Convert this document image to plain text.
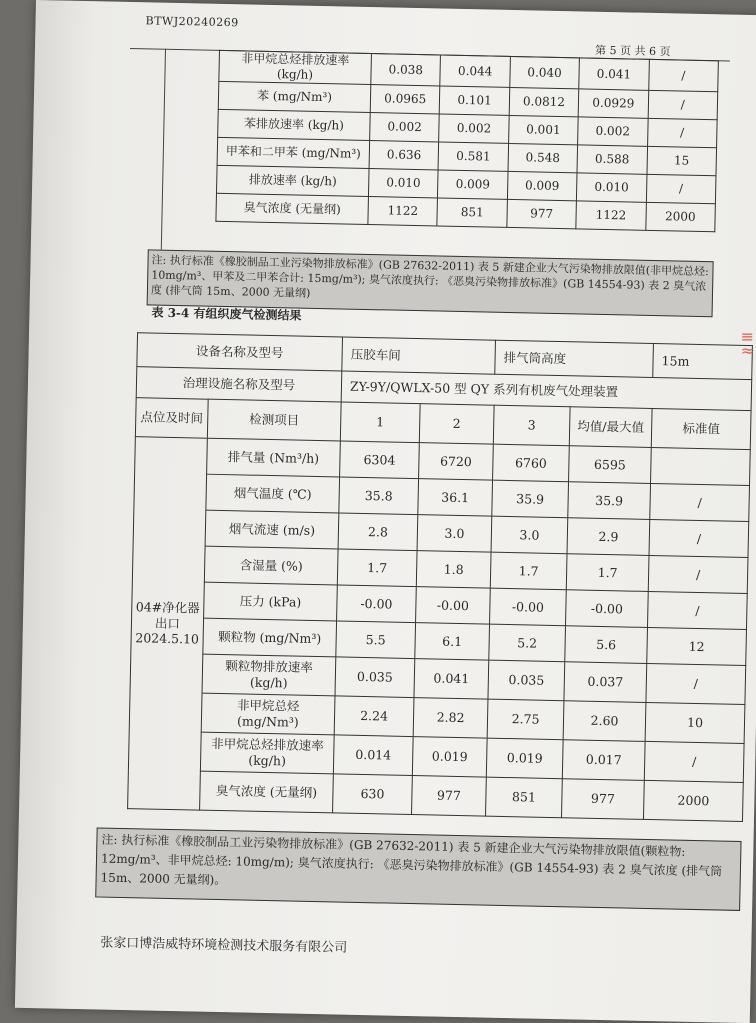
BTWJ20240269
第 5 页 共 6 页
非甲烷总烃排放速率 (kg/h)	0.038	0.044	0.040	0.041	/
苯 (mg/Nm³)	0.0965	0.101	0.0812	0.0929	/
苯排放速率 (kg/h)	0.002	0.002	0.001	0.002	/
甲苯和二甲苯 (mg/Nm³)	0.636	0.581	0.548	0.588	15
排放速率 (kg/h)	0.010	0.009	0.009	0.010	/
臭气浓度 (无量纲)	1122	851	977	1122	2000
注: 执行标准《橡胶制品工业污染物排放标准》(GB 27632-2011) 表 5 新建企业大气污染物排放限值(非甲烷总烃: 10mg/m³、甲苯及二甲苯合计: 15mg/m³); 臭气浓度执行: 《恶臭污染物排放标准》(GB 14554-93) 表 2 臭气浓度 (排气筒 15m、2000 无量纲)
表 3-4 有组织废气检测结果
设备名称及型号		压胶车间		排气筒高度		15m
治理设施名称及型号		ZY-9Y/QWLX-50 型 QY 系列有机废气处理装置				
点位及时间	检测项目	1	2	3	均值/最大值	标准值
04#净化器出口 2024.5.10	排气量 (Nm³/h)	6304	6720	6760	6595	
	烟气温度 (℃)	35.8	36.1	35.9	35.9	/
	烟气流速 (m/s)	2.8	3.0	3.0	2.9	/
	含湿量 (%)	1.7	1.8	1.7	1.7	/
	压力 (kPa)	-0.00	-0.00	-0.00	-0.00	/
	颗粒物 (mg/Nm³)	5.5	6.1	5.2	5.6	12
	颗粒物排放速率 (kg/h)	0.035	0.041	0.035	0.037	/
	非甲烷总烃 (mg/Nm³)	2.24	2.82	2.75	2.60	10
	非甲烷总烃排放速率 (kg/h)	0.014	0.019	0.019	0.017	/
	臭气浓度 (无量纲)	630	977	851	977	2000
注: 执行标准《橡胶制品工业污染物排放标准》(GB 27632-2011) 表 5 新建企业大气污染物排放限值(颗粒物: 12mg/m³、非甲烷总烃: 10mg/m); 臭气浓度执行: 《恶臭污染物排放标准》(GB 14554-93) 表 2 臭气浓度 (排气筒 15m、2000 无量纲)。
张家口博浩威特环境检测技术服务有限公司
≡
≈
